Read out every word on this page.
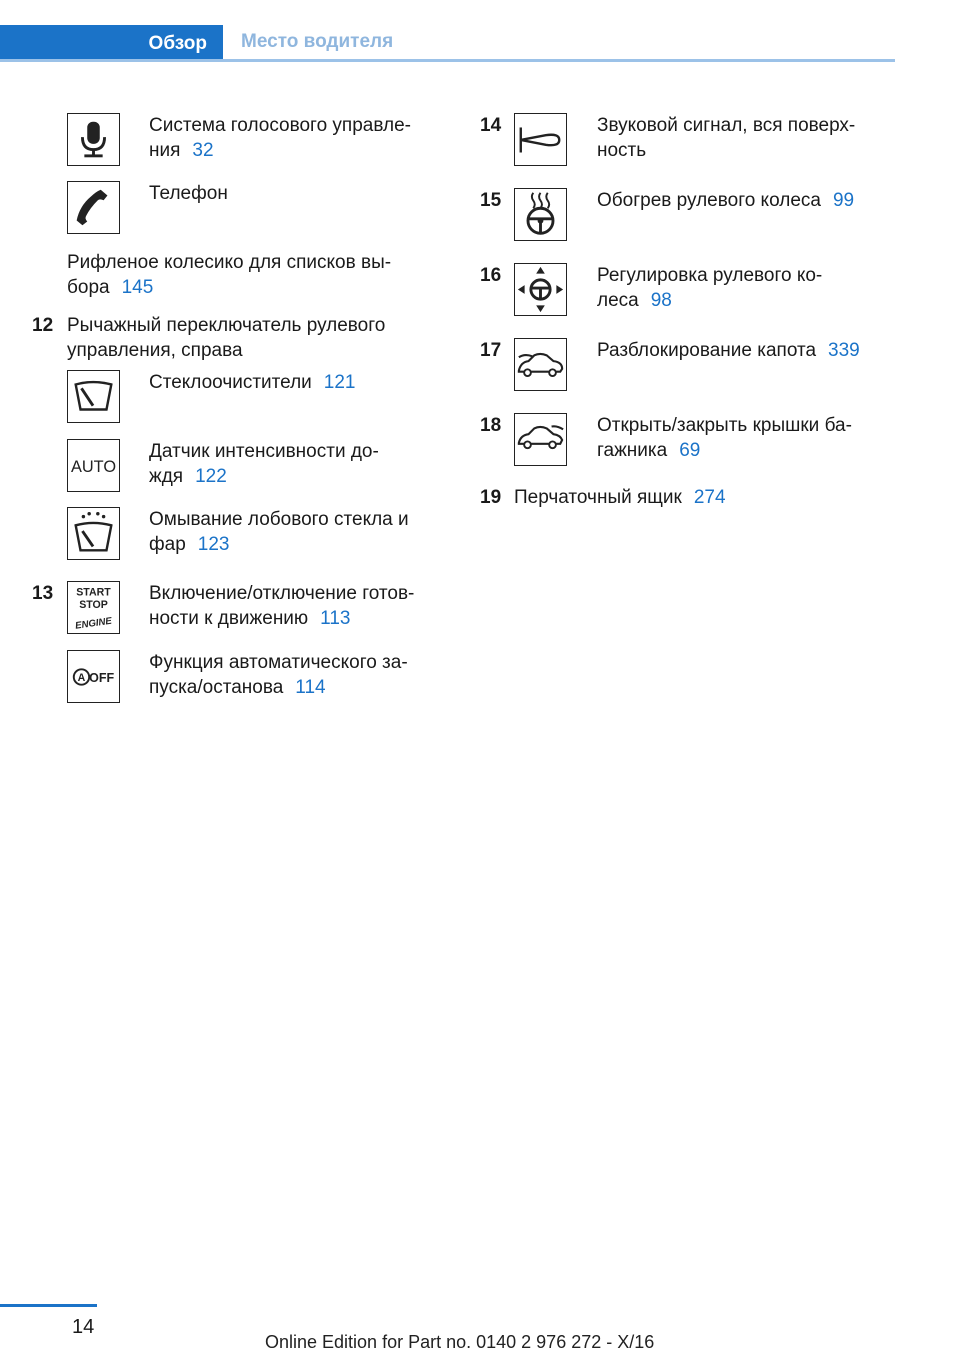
Обзор	Место водителя
Система голосового управле-
ния 32
Телефон
Рифленое колесико для списков вы-
бора 145
12 Рычажный переключатель рулевого
управления, справа
Стеклоочистители 121
AUTO
Датчик интенсивности до-
ждя 122
Омывание лобового стекла и
фар 123
13 START
STOP
ENGINE
Включение/отключение готов-
ности к движению 113
A OFF
Функция автоматического за-
пуска/останова 114
14	Звуковой сигнал, вся поверх-
ность
15	Обогрев рулевого колеса 99
16	Регулировка рулевого ко-
леса 98
17	Разблокирование капота 339
18	Открыть/закрыть крышки ба-
гажника 69
19 Перчаточный ящик 274
14
Online Edition for Part no. 0140 2 976 272 - X/16
